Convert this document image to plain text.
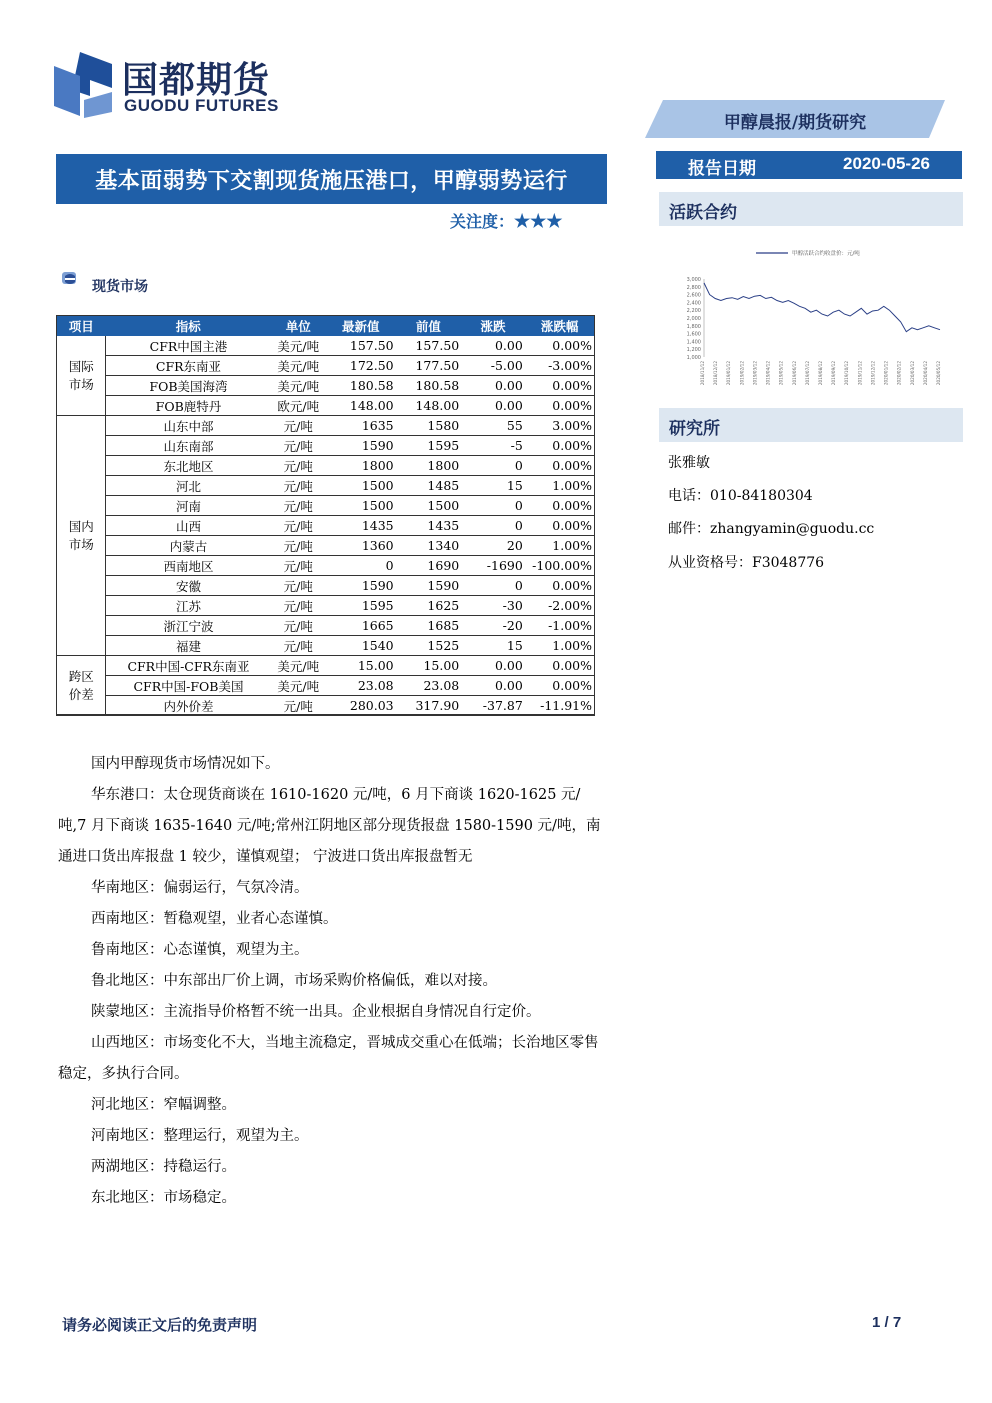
国都期货
GUODU FUTURES
甲醇晨报/期货研究
报告日期	2020-05-26
活跃合约
甲醇活跃合约收盘价：元/吨
3,000
2,800
2,600
2,400
2,200
2,000
1,800
1,600
1,400
1,200
1,000
2018/11/12 2018/12/12 2019/01/12 2019/02/12 2019/03/12 2019/04/12 2019/05/12 2019/06/12 2019/07/12 2019/08/12 2019/09/12 2019/10/12 2019/11/12 2019/12/12 2020/01/12 2020/02/12 2020/03/12 2020/04/12 2020/05/12
研究所
张雅敏
电话：010-84180304
邮件：zhangyamin@guodu.cc
从业资格号：F3048776
基本面弱势下交割现货施压港口，甲醇弱势运行
关注度：★★★
现货市场
项目	指标	单位	最新值	前值	涨跌	涨跌幅
国际
市场	CFR中国主港	美元/吨	157.50	157.50	0.00	0.00%
	CFR东南亚	美元/吨	172.50	177.50	-5.00	-3.00%
	FOB美国海湾	美元/吨	180.58	180.58	0.00	0.00%
	FOB鹿特丹	欧元/吨	148.00	148.00	0.00	0.00%
国内
市场	山东中部	元/吨	1635	1580	55	3.00%
	山东南部	元/吨	1590	1595	-5	0.00%
	东北地区	元/吨	1800	1800	0	0.00%
	河北	元/吨	1500	1485	15	1.00%
	河南	元/吨	1500	1500	0	0.00%
	山西	元/吨	1435	1435	0	0.00%
	内蒙古	元/吨	1360	1340	20	1.00%
	西南地区	元/吨	0	1690	-1690	-100.00%
	安徽	元/吨	1590	1590	0	0.00%
	江苏	元/吨	1595	1625	-30	-2.00%
	浙江宁波	元/吨	1665	1685	-20	-1.00%
	福建	元/吨	1540	1525	15	1.00%
跨区
价差	CFR中国-CFR东南亚	美元/吨	15.00	15.00	0.00	0.00%
	CFR中国-FOB美国	美元/吨	23.08	23.08	0.00	0.00%
	内外价差	元/吨	280.03	317.90	-37.87	-11.91%

国内甲醇现货市场情况如下。

华东港口：太仓现货商谈在 1610-1620 元/吨，6 月下商谈 1620-1625 元/吨,7 月下商谈 1635-1640 元/吨;常州江阴地区部分现货报盘 1580-1590 元/吨，南通进口货出库报盘 1 较少，谨慎观望； 宁波进口货出库报盘暂无

华南地区：偏弱运行，气氛冷清。

西南地区：暂稳观望，业者心态谨慎。

鲁南地区：心态谨慎，观望为主。

鲁北地区：中东部出厂价上调，市场采购价格偏低，难以对接。

陕蒙地区：主流指导价格暂不统一出具。企业根据自身情况自行定价。

山西地区：市场变化不大，当地主流稳定，晋城成交重心在低端；长治地区零售稳定，多执行合同。

河北地区：窄幅调整。

河南地区：整理运行，观望为主。

两湖地区：持稳运行。

东北地区：市场稳定。

请务必阅读正文后的免责声明	1 / 7
